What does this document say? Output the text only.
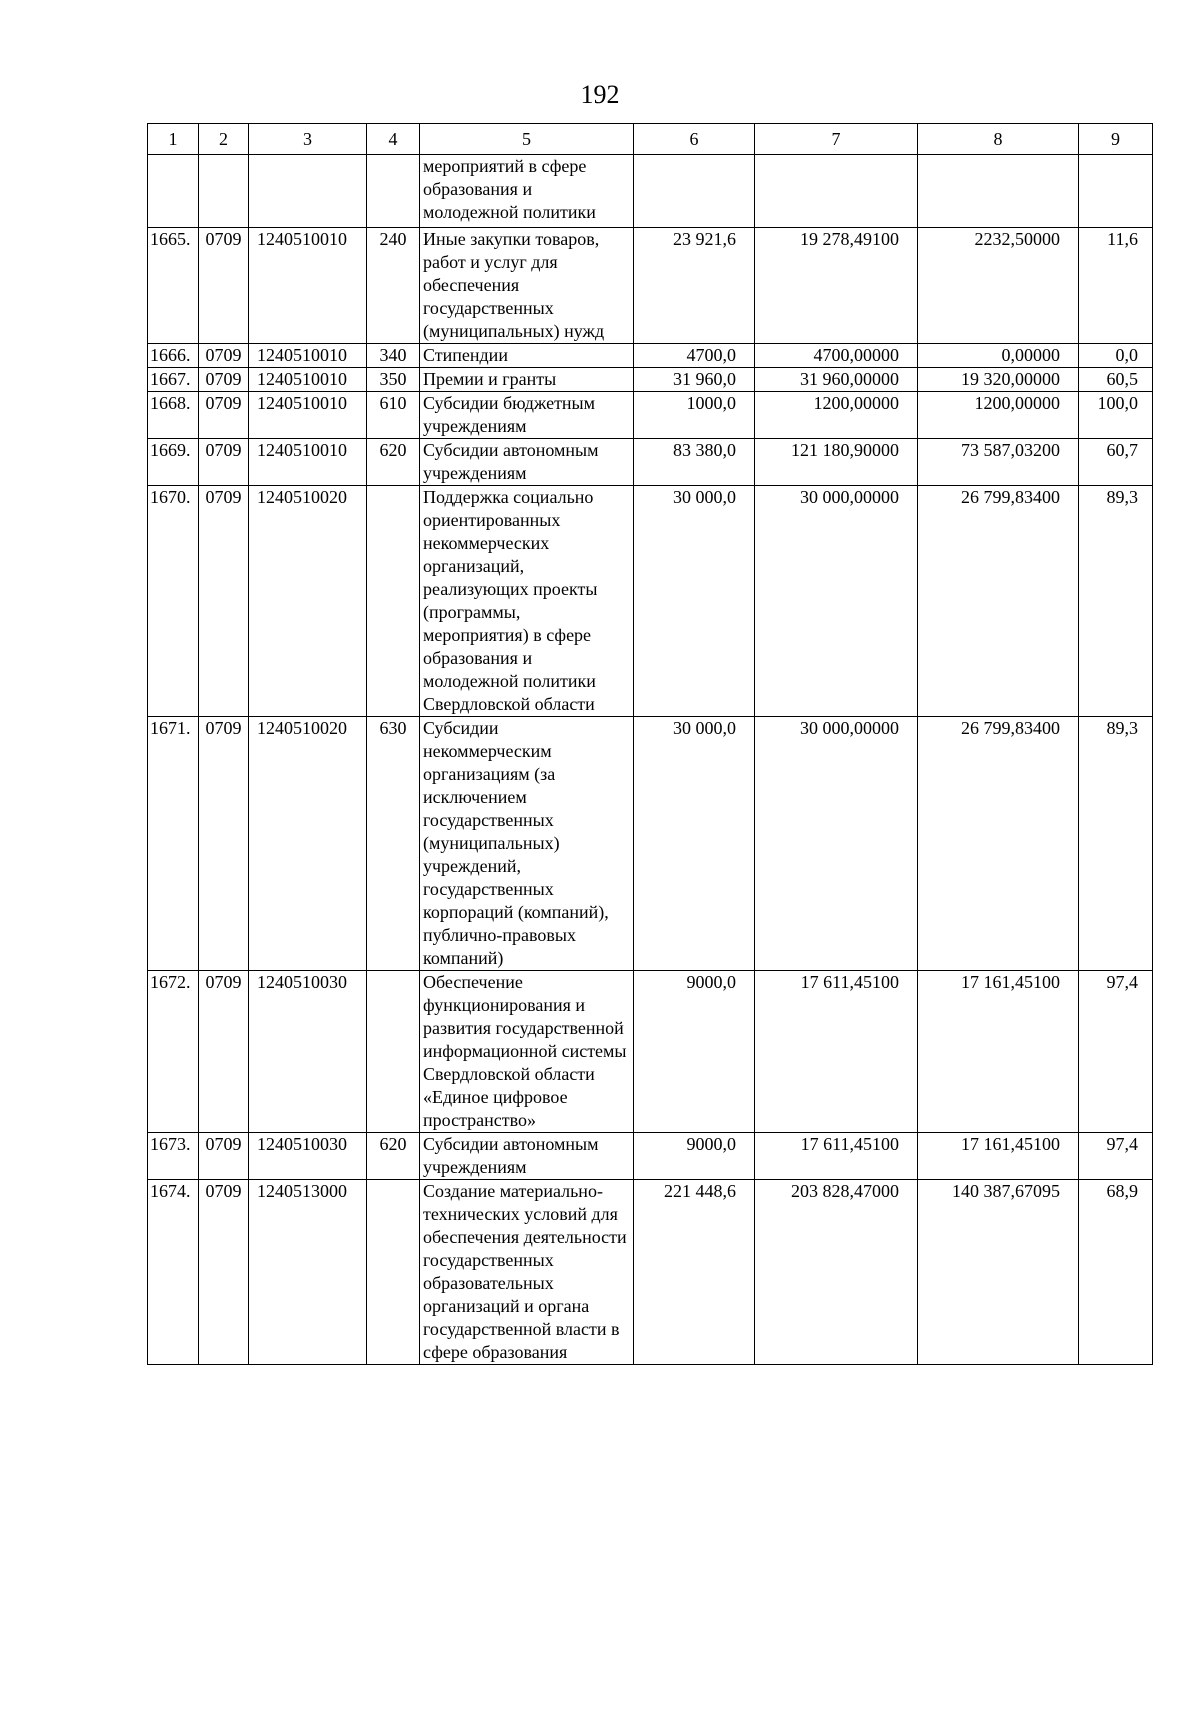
192
1	2	3	4	5	6	7	8	9
				мероприятий в сфере образования и молодежной политики				
1665.	0709	1240510010	240	Иные закупки товаров, работ и услуг для обеспечения государственных (муниципальных) нужд	23 921,6	19 278,49100	2232,50000	11,6
1666.	0709	1240510010	340	Стипендии	4700,0	4700,00000	0,00000	0,0
1667.	0709	1240510010	350	Премии и гранты	31 960,0	31 960,00000	19 320,00000	60,5
1668.	0709	1240510010	610	Субсидии бюджетным учреждениям	1000,0	1200,00000	1200,00000	100,0
1669.	0709	1240510010	620	Субсидии автономным учреждениям	83 380,0	121 180,90000	73 587,03200	60,7
1670.	0709	1240510020		Поддержка социально ориентированных некоммерческих организаций, реализующих проекты (программы, мероприятия) в сфере образования и молодежной политики Свердловской области	30 000,0	30 000,00000	26 799,83400	89,3
1671.	0709	1240510020	630	Субсидии некоммерческим организациям (за исключением государственных (муниципальных) учреждений, государственных корпораций (компаний), публично-правовых компаний)	30 000,0	30 000,00000	26 799,83400	89,3
1672.	0709	1240510030		Обеспечение функционирования и развития государственной информационной системы Свердловской области «Единое цифровое пространство»	9000,0	17 611,45100	17 161,45100	97,4
1673.	0709	1240510030	620	Субсидии автономным учреждениям	9000,0	17 611,45100	17 161,45100	97,4
1674.	0709	1240513000		Создание материально-технических условий для обеспечения деятельности государственных образовательных организаций и органа государственной власти в сфере образования	221 448,6	203 828,47000	140 387,67095	68,9
